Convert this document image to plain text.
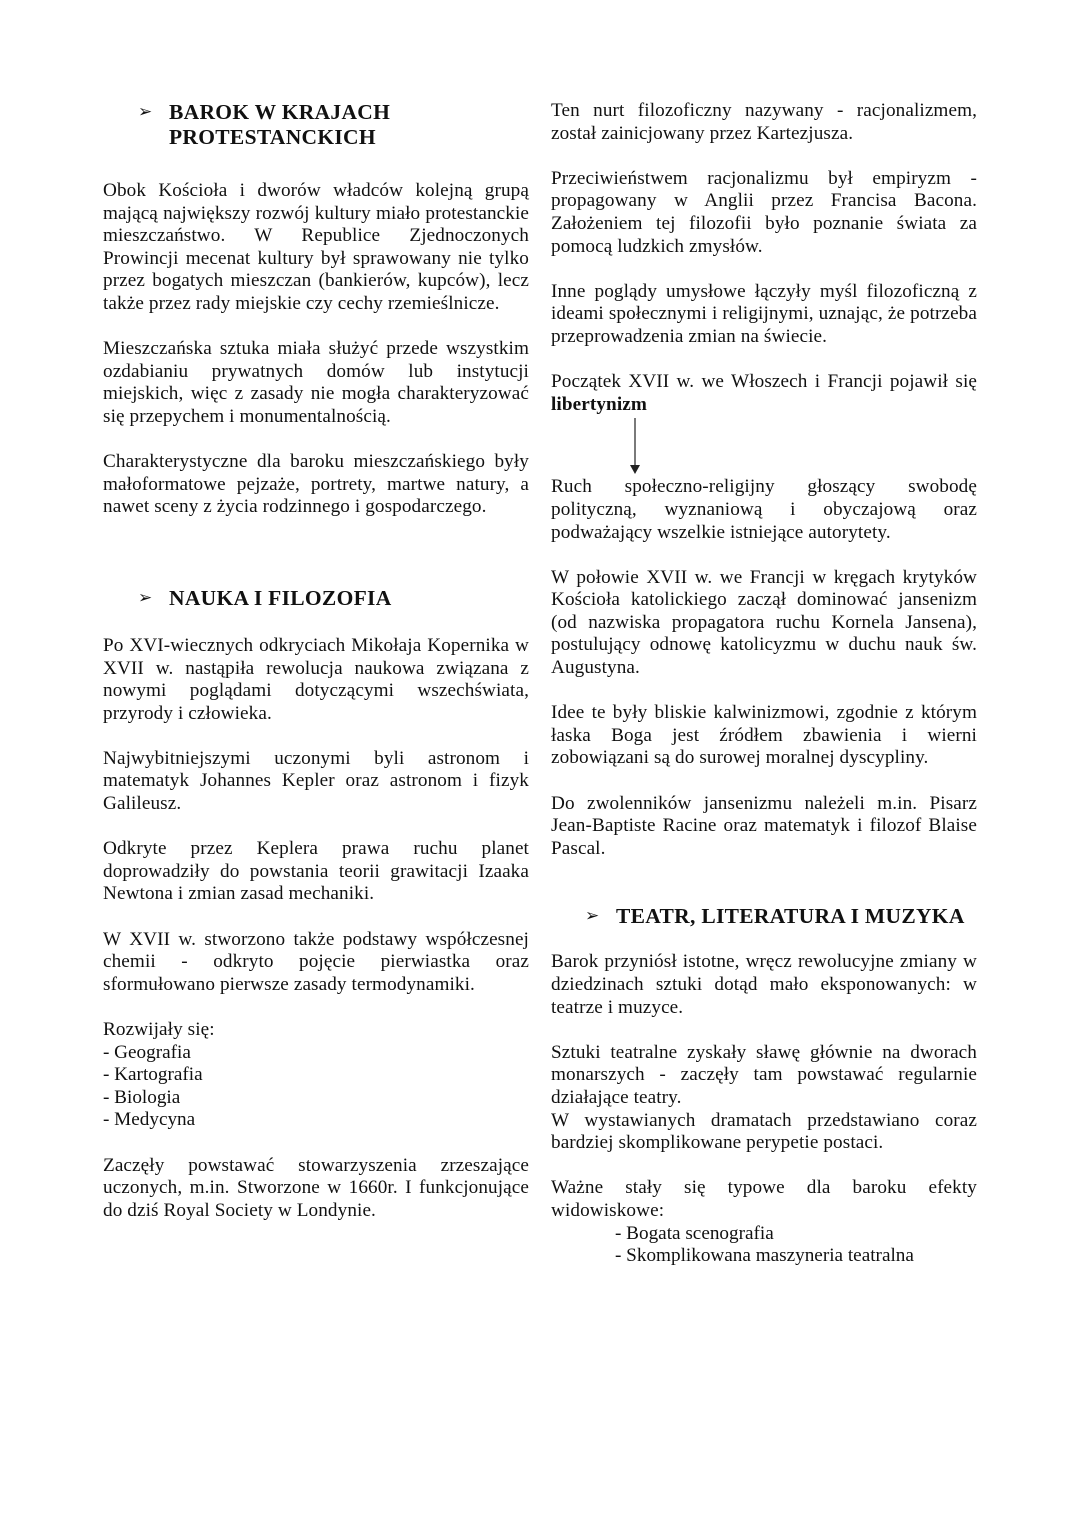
➢ BAROK W KRAJACH PROTESTANCKICH

Obok Kościoła i dworów władców kolejną grupą mającą największy rozwój kultury miało protestanckie mieszczaństwo. W Republice Zjednoczonych Prowincji mecenat kultury był sprawowany nie tylko przez bogatych mieszczan (bankierów, kupców), lecz także przez rady miejskie czy cechy rzemieślnicze.

Mieszczańska sztuka miała służyć przede wszystkim ozdabianiu prywatnych domów lub instytucji miejskich, więc z zasady nie mogła charakteryzować się przepychem i monumentalnością.

Charakterystyczne dla baroku mieszczańskiego były małoformatowe pejzaże, portrety, martwe natury, a nawet sceny z życia rodzinnego i gospodarczego.

➢ NAUKA I FILOZOFIA

Po XVI-wiecznych odkryciach Mikołaja Kopernika w XVII w. nastąpiła rewolucja naukowa związana z nowymi poglądami dotyczącymi wszechświata, przyrody i człowieka.

Najwybitniejszymi uczonymi byli astronom i matematyk Johannes Kepler oraz astronom i fizyk Galileusz.

Odkryte przez Keplera prawa ruchu planet doprowadziły do powstania teorii grawitacji Izaaka Newtona i zmian zasad mechaniki.

W XVII w. stworzono także podstawy współczesnej chemii - odkryto pojęcie pierwiastka oraz sformułowano pierwsze zasady termodynamiki.

Rozwijały się:

- Geografia
- Kartografia
- Biologia
- Medycyna

Zaczęły powstawać stowarzyszenia zrzeszające uczonych, m.in. Stworzone w 1660r. I funkcjonujące do dziś Royal Society w Londynie.

Ten nurt filozoficzny nazywany - racjonalizmem, został zainicjowany przez Kartezjusza.

Przeciwieństwem racjonalizmu był empiryzm - propagowany w Anglii przez Francisa Bacona. Założeniem tej filozofii było poznanie świata za pomocą ludzkich zmysłów.

Inne poglądy umysłowe łączyły myśl filozoficzną z ideami społecznymi i religijnymi, uznając, że potrzeba przeprowadzenia zmian na świecie.

Początek XVII w. we Włoszech i Francji pojawił się libertynizm

Ruch społeczno-religijny głoszący swobodę polityczną, wyznaniową i obyczajową oraz podważający wszelkie istniejące autorytety.

W połowie XVII w. we Francji w kręgach krytyków Kościoła katolickiego zaczął dominować jansenizm (od nazwiska propagatora ruchu Kornela Jansena), postulujący odnowę katolicyzmu w duchu nauk św. Augustyna.

Idee te były bliskie kalwinizmowi, zgodnie z którym łaska Boga jest źródłem zbawienia i wierni zobowiązani są do surowej moralnej dyscypliny.

Do zwolenników jansenizmu należeli m.in. Pisarz Jean-Baptiste Racine oraz matematyk i filozof Blaise Pascal.

➢ TEATR, LITERATURA I MUZYKA

Barok przyniósł istotne, wręcz rewolucyjne zmiany w dziedzinach sztuki dotąd mało eksponowanych: w teatrze i muzyce.

Sztuki teatralne zyskały sławę głównie na dworach monarszych - zaczęły tam powstawać regularnie działające teatry.

W wystawianych dramatach przedstawiano coraz bardziej skomplikowane perypetie postaci.

Ważne stały się typowe dla baroku efekty widowiskowe:

- Bogata scenografia
- Skomplikowana maszyneria teatralna
